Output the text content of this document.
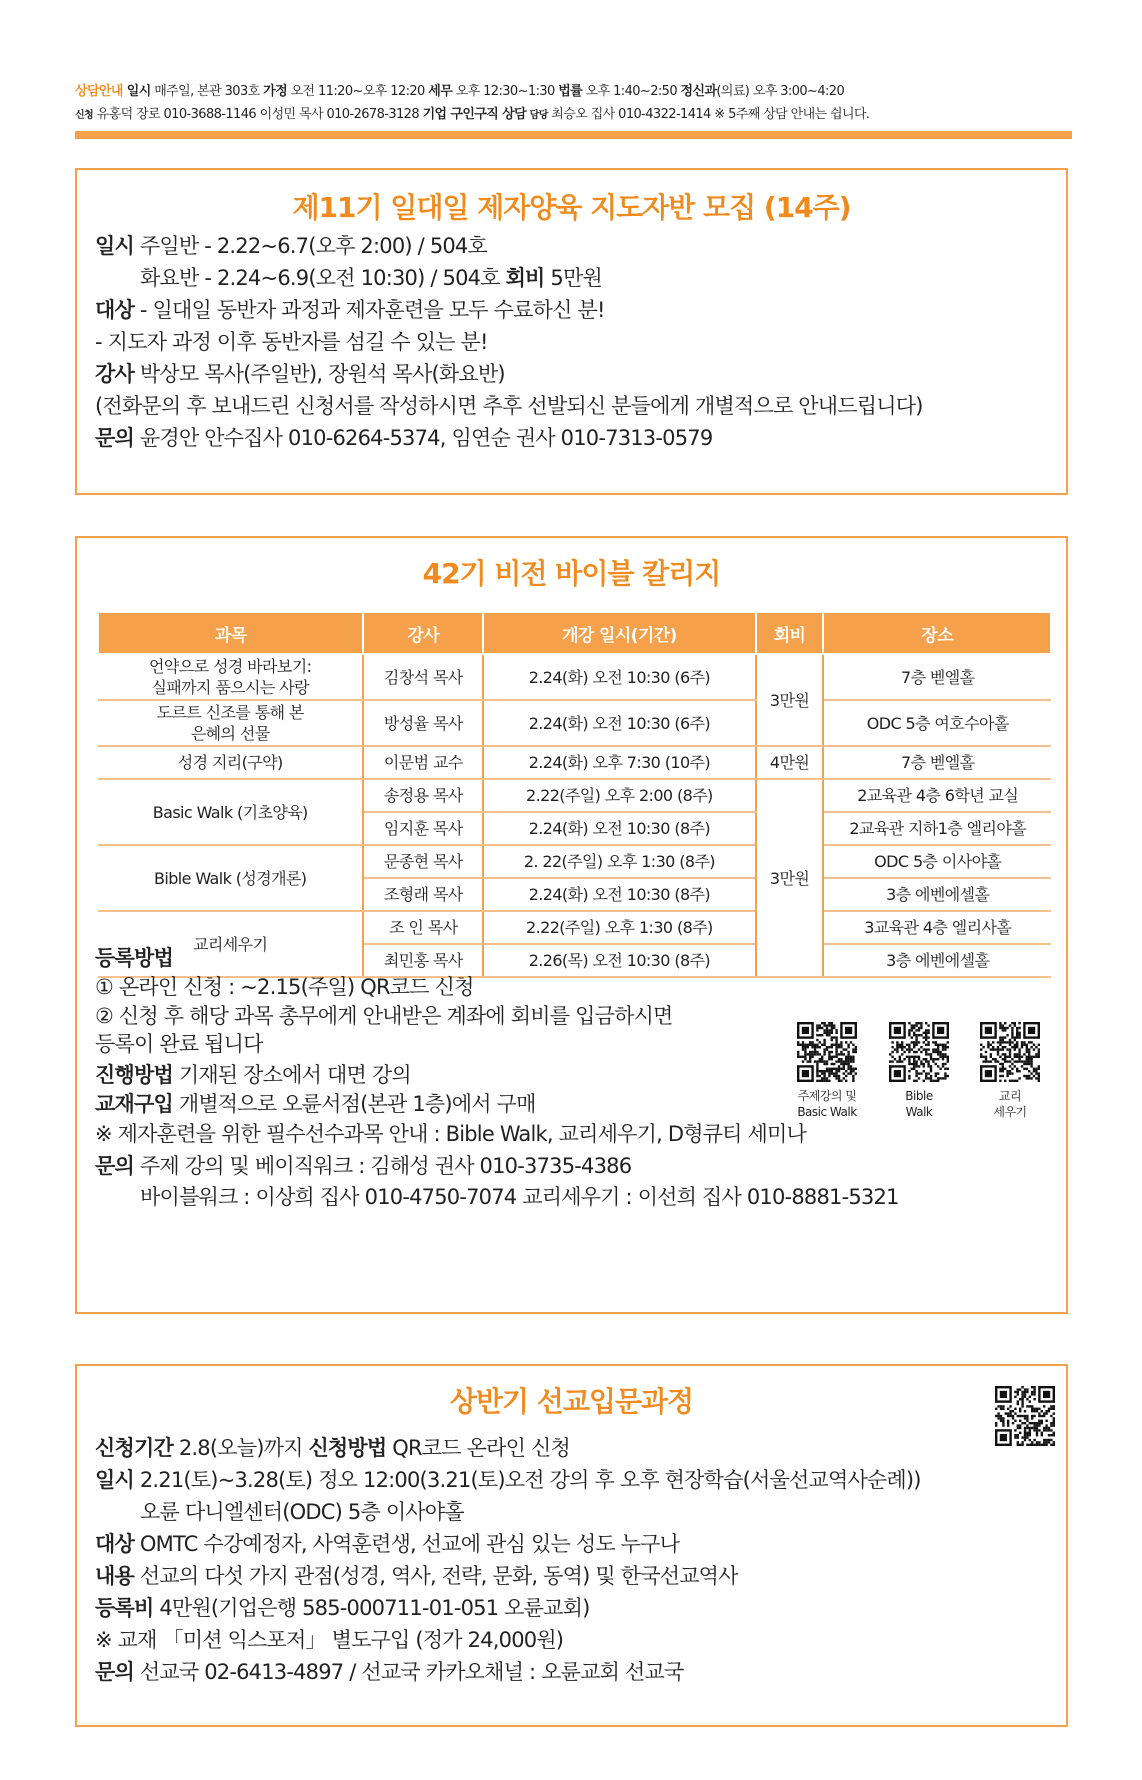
상담안내 일시 매주일, 본관 303호 가정 오전 11:20~오후 12:20 세무 오후 12:30~1:30 법률 오후 1:40~2:50 정신과(의료) 오후 3:00~4:20
신청 유홍덕 장로 010-3688-1146 이성민 목사 010-2678-3128 기업 구인구직 상담 담당 최승오 집사 010-4322-1414 ※ 5주째 상담 안내는 쉽니다.
제11기 일대일 제자양육 지도자반 모집 (14주)
일시 주일반 - 2.22~6.7(오후 2:00) / 504호
화요반 - 2.24~6.9(오전 10:30) / 504호 회비 5만원
대상 - 일대일 동반자 과정과 제자훈련을 모두 수료하신 분!
- 지도자 과정 이후 동반자를 섬길 수 있는 분!
강사 박상모 목사(주일반), 장원석 목사(화요반)
(전화문의 후 보내드린 신청서를 작성하시면 추후 선발되신 분들에게 개별적으로 안내드립니다)
문의 윤경안 안수집사 010-6264-5374, 임연순 권사 010-7313-0579
42기 비전 바이블 칼리지
과목	강사	개강 일시(기간)	회비	장소
언약으로 성경 바라보기:
실패까지 품으시는 사랑	김창석 목사	2.24(화) 오전 10:30 (6주)	3만원	7층 벧엘홀
도르트 신조를 통해 본
은혜의 선물	방성율 목사	2.24(화) 오전 10:30 (6주)		ODC 5층 여호수아홀
성경 지리(구약)	이문범 교수	2.24(화) 오후 7:30 (10주)	4만원	7층 벧엘홀
Basic Walk (기초양육)	송정용 목사	2.22(주일) 오후 2:00 (8주)	3만원	2교육관 4층 6학년 교실
	임지훈 목사	2.24(화) 오전 10:30 (8주)		2교육관 지하1층 엘리야홀
Bible Walk (성경개론)	문종현 목사	2. 22(주일) 오후 1:30 (8주)		ODC 5층 이사야홀
	조형래 목사	2.24(화) 오전 10:30 (8주)		3층 에벤에셀홀
교리세우기	조 인 목사	2.22(주일) 오후 1:30 (8주)		3교육관 4층 엘리사홀
	최민홍 목사	2.26(목) 오전 10:30 (8주)		3층 에벤에셀홀
등록방법
① 온라인 신청 : ~2.15(주일) QR코드 신청
② 신청 후 해당 과목 총무에게 안내받은 계좌에 회비를 입금하시면
등록이 완료 됩니다
진행방법 기재된 장소에서 대면 강의
교재구입 개별적으로 오륜서점(본관 1층)에서 구매
※ 제자훈련을 위한 필수선수과목 안내 : Bible Walk, 교리세우기, D형큐티 세미나
문의 주제 강의 및 베이직워크 : 김해성 권사 010-3735-4386
바이블워크 : 이상희 집사 010-4750-7074 교리세우기 : 이선희 집사 010-8881-5321
주제강의 및
Basic Walk
Bible
Walk
교리
세우기
상반기 선교입문과정
신청기간 2.8(오늘)까지 신청방법 QR코드 온라인 신청
일시 2.21(토)~3.28(토) 정오 12:00(3.21(토)오전 강의 후 오후 현장학습(서울선교역사순례))
오륜 다니엘센터(ODC) 5층 이사야홀
대상 OMTC 수강예정자, 사역훈련생, 선교에 관심 있는 성도 누구나
내용 선교의 다섯 가지 관점(성경, 역사, 전략, 문화, 동역) 및 한국선교역사
등록비 4만원(기업은행 585-000711-01-051 오륜교회)
※ 교재 「미션 익스포저」 별도구입 (정가 24,000원)
문의 선교국 02-6413-4897 / 선교국 카카오채널 : 오륜교회 선교국
